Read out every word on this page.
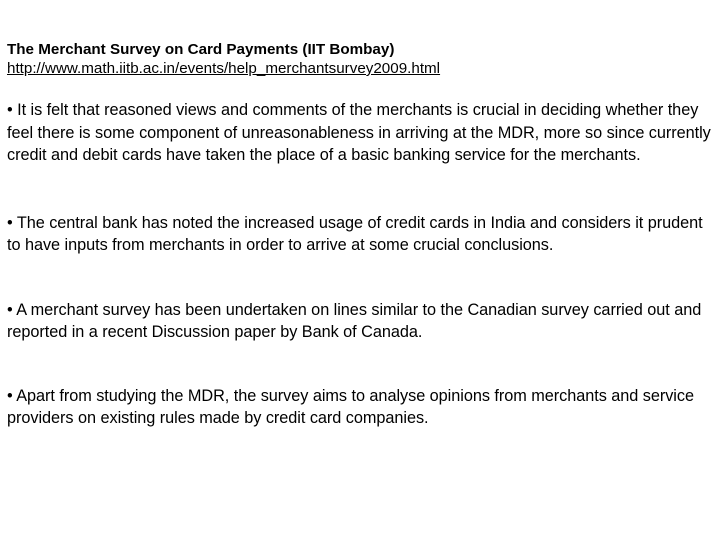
The Merchant Survey on Card Payments (IIT Bombay)
http://www.math.iitb.ac.in/events/help_merchantsurvey2009.html
• It is felt that reasoned views and comments of the merchants is crucial in deciding whether they feel there is some component of unreasonableness in arriving at the MDR, more so since currently credit and debit cards have taken the place of a basic banking service for the merchants.
• The central bank has noted the increased usage of credit cards in India and considers it prudent to have inputs from merchants in order to arrive at some crucial conclusions.
• A merchant survey has been undertaken on lines similar to the Canadian survey carried out and reported in a recent Discussion paper by Bank of Canada.
• Apart from studying the MDR, the survey aims to analyse opinions from merchants and service providers on existing rules made by credit card companies.
